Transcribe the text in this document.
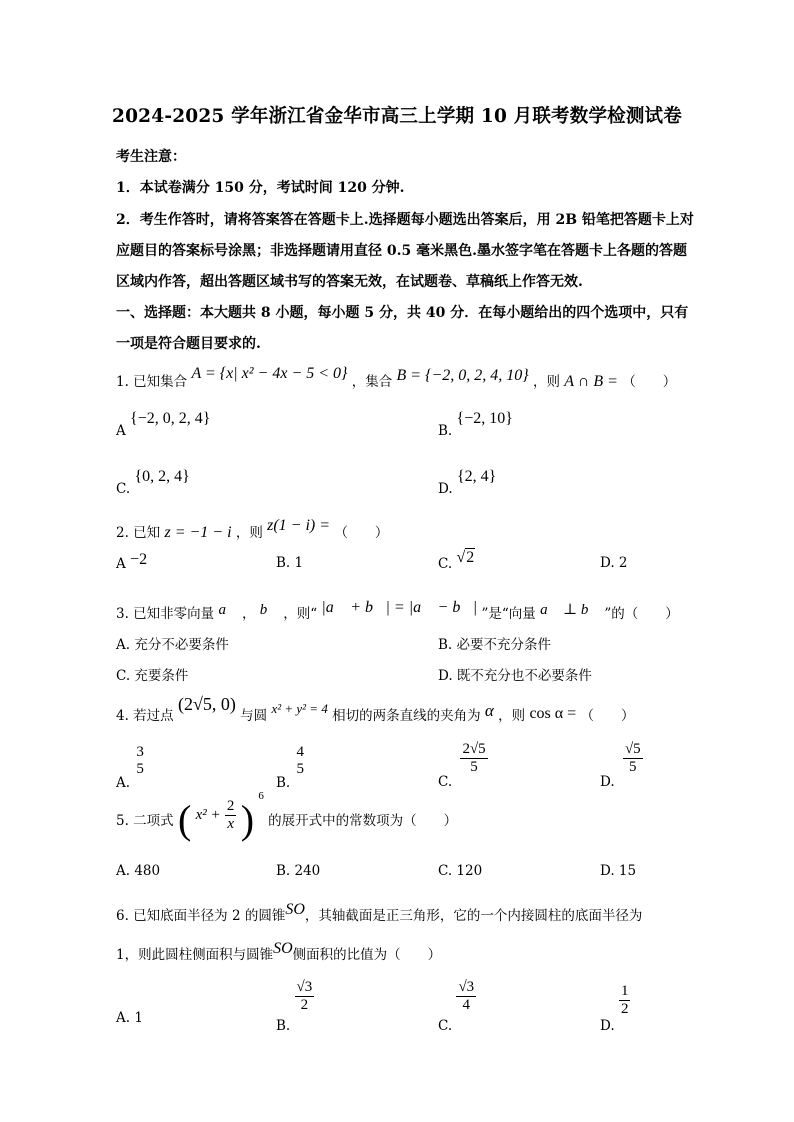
2024-2025 学年浙江省金华市高三上学期 10 月联考数学检测试卷
考生注意：
1．本试卷满分 150 分，考试时间 120 分钟.
2．考生作答时，请将答案答在答题卡上.选择题每小题选出答案后，用 2B 铅笔把答题卡上对
应题目的答案标号涂黑；非选择题请用直径 0.5 毫米黑色.墨水签字笔在答题卡上各题的答题
区域内作答，超出答题区域书写的答案无效，在试题卷、草稿纸上作答无效.
一、选择题：本大题共 8 小题，每小题 5 分，共 40 分．在每小题给出的四个选项中，只有
一项是符合题目要求的.
1. 已知集合 A = {x| x² − 4x − 5 < 0} ，集合 B = {−2, 0, 2, 4, 10} ，则 A ∩ B = （　　）
A {−2, 0, 2, 4}
B. {−2, 10}
C. {0, 2, 4}
D. {2, 4}
2. 已知 z = −1 − i ，则 z(1 − i) = （　　）
A −2	B. 1	C. √2	D. 2
3. 已知非零向量 a⃗ ， b⃗ ，则“ |a⃗ + b⃗| = |a⃗ − b⃗| ”是“向量 a⃗ ⊥ b⃗ ”的（　　）
A. 充分不必要条件	B. 必要不充分条件
C. 充要条件	D. 既不充分也不必要条件
4. 若过点 (2√5, 0) 与圆 x² + y² = 4 相切的两条直线的夹角为 α ，则 cos α = （　　）
A.
3
5
B.
4
5
C.
$\frac{2√5}{5}$
D.
$\frac{√5}{5}$
5. 二项式 ( $x^2 + \frac{2}{x}$ ) $^6$ 的展开式中的常数项为（　　）
A. 480	B. 240	C. 120	D. 15
6. 已知底面半径为 2 的圆锥SO，其轴截面是正三角形，它的一个内接圆柱的底面半径为
1，则此圆柱侧面积与圆锥SO侧面积的比值为（　　）
A. 1
B.
$\frac{√3}{2}$
C.
$\frac{√3}{4}$
D.
$\frac{1}{2}$
